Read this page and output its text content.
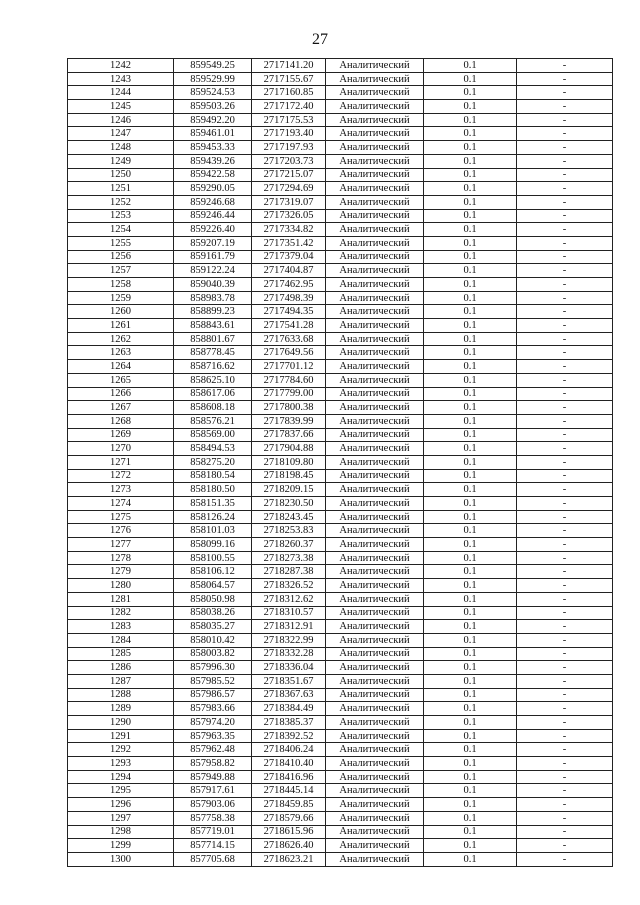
27
1242	859549.25	2717141.20	Аналитический	0.1	-
1243	859529.99	2717155.67	Аналитический	0.1	-
1244	859524.53	2717160.85	Аналитический	0.1	-
1245	859503.26	2717172.40	Аналитический	0.1	-
1246	859492.20	2717175.53	Аналитический	0.1	-
1247	859461.01	2717193.40	Аналитический	0.1	-
1248	859453.33	2717197.93	Аналитический	0.1	-
1249	859439.26	2717203.73	Аналитический	0.1	-
1250	859422.58	2717215.07	Аналитический	0.1	-
1251	859290.05	2717294.69	Аналитический	0.1	-
1252	859246.68	2717319.07	Аналитический	0.1	-
1253	859246.44	2717326.05	Аналитический	0.1	-
1254	859226.40	2717334.82	Аналитический	0.1	-
1255	859207.19	2717351.42	Аналитический	0.1	-
1256	859161.79	2717379.04	Аналитический	0.1	-
1257	859122.24	2717404.87	Аналитический	0.1	-
1258	859040.39	2717462.95	Аналитический	0.1	-
1259	858983.78	2717498.39	Аналитический	0.1	-
1260	858899.23	2717494.35	Аналитический	0.1	-
1261	858843.61	2717541.28	Аналитический	0.1	-
1262	858801.67	2717633.68	Аналитический	0.1	-
1263	858778.45	2717649.56	Аналитический	0.1	-
1264	858716.62	2717701.12	Аналитический	0.1	-
1265	858625.10	2717784.60	Аналитический	0.1	-
1266	858617.06	2717799.00	Аналитический	0.1	-
1267	858608.18	2717800.38	Аналитический	0.1	-
1268	858576.21	2717839.99	Аналитический	0.1	-
1269	858569.00	2717837.66	Аналитический	0.1	-
1270	858494.53	2717904.88	Аналитический	0.1	-
1271	858275.20	2718109.80	Аналитический	0.1	-
1272	858180.54	2718198.45	Аналитический	0.1	-
1273	858180.50	2718209.15	Аналитический	0.1	-
1274	858151.35	2718230.50	Аналитический	0.1	-
1275	858126.24	2718243.45	Аналитический	0.1	-
1276	858101.03	2718253.83	Аналитический	0.1	-
1277	858099.16	2718260.37	Аналитический	0.1	-
1278	858100.55	2718273.38	Аналитический	0.1	-
1279	858106.12	2718287.38	Аналитический	0.1	-
1280	858064.57	2718326.52	Аналитический	0.1	-
1281	858050.98	2718312.62	Аналитический	0.1	-
1282	858038.26	2718310.57	Аналитический	0.1	-
1283	858035.27	2718312.91	Аналитический	0.1	-
1284	858010.42	2718322.99	Аналитический	0.1	-
1285	858003.82	2718332.28	Аналитический	0.1	-
1286	857996.30	2718336.04	Аналитический	0.1	-
1287	857985.52	2718351.67	Аналитический	0.1	-
1288	857986.57	2718367.63	Аналитический	0.1	-
1289	857983.66	2718384.49	Аналитический	0.1	-
1290	857974.20	2718385.37	Аналитический	0.1	-
1291	857963.35	2718392.52	Аналитический	0.1	-
1292	857962.48	2718406.24	Аналитический	0.1	-
1293	857958.82	2718410.40	Аналитический	0.1	-
1294	857949.88	2718416.96	Аналитический	0.1	-
1295	857917.61	2718445.14	Аналитический	0.1	-
1296	857903.06	2718459.85	Аналитический	0.1	-
1297	857758.38	2718579.66	Аналитический	0.1	-
1298	857719.01	2718615.96	Аналитический	0.1	-
1299	857714.15	2718626.40	Аналитический	0.1	-
1300	857705.68	2718623.21	Аналитический	0.1	-
